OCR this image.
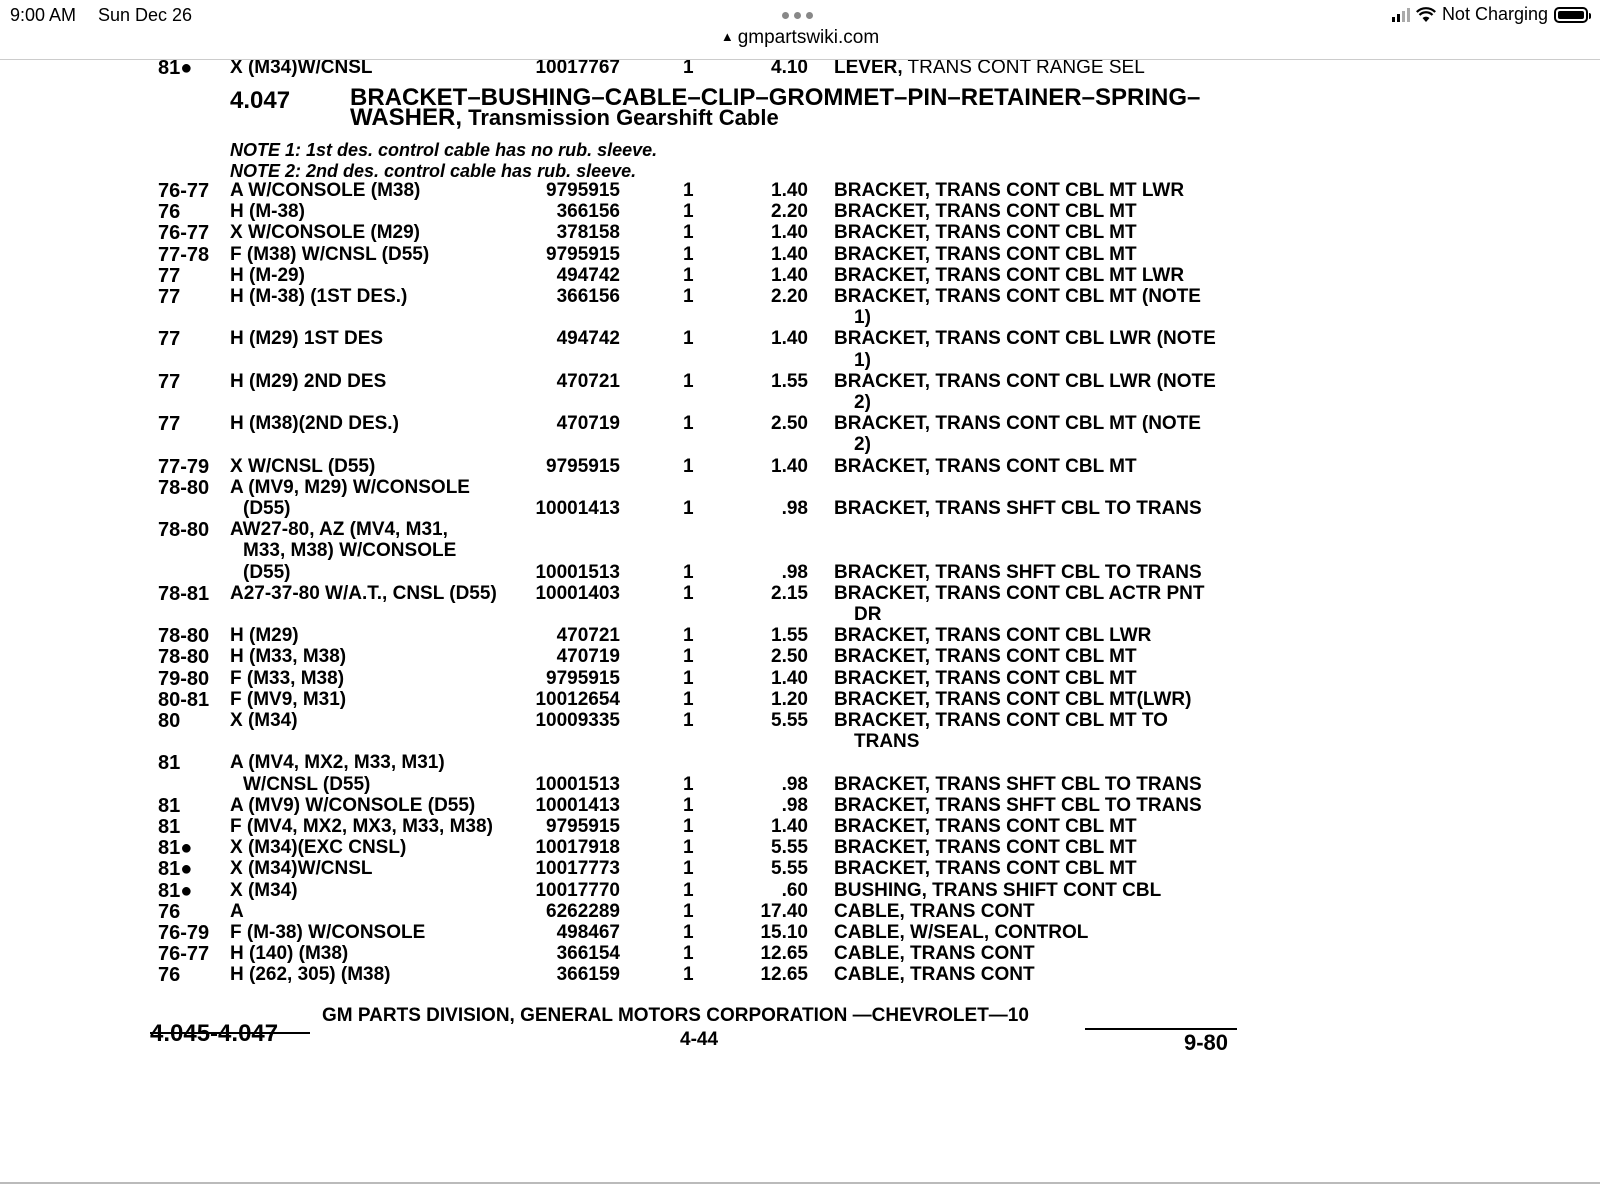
9:00 AM Sun Dec 26	Not Charging
▲ gmpartswiki.com
81● X (M34)W/CNSL	10017767	1	4.10 LEVER, TRANS CONT RANGE SEL
4.047 BRACKET–BUSHING–CABLE–CLIP–GROMMET–PIN–RETAINER–SPRING–
WASHER, Transmission Gearshift Cable
NOTE 1: 1st des. control cable has no rub. sleeve.
NOTE 2: 2nd des. control cable has rub. sleeve.
76-77 A W/CONSOLE (M38)	9795915	1	1.40 BRACKET, TRANS CONT CBL MT LWR
76	H (M-38)	366156	1	2.20 BRACKET, TRANS CONT CBL MT
76-77 X W/CONSOLE (M29)	378158	1	1.40 BRACKET, TRANS CONT CBL MT
77-78 F (M38) W/CNSL (D55)	9795915	1	1.40 BRACKET, TRANS CONT CBL MT
77	H (M-29)	494742	1	1.40 BRACKET, TRANS CONT CBL MT LWR
77	H (M-38) (1ST DES.)	366156	1	2.20 BRACKET, TRANS CONT CBL MT (NOTE
1)
77	H (M29) 1ST DES	494742	1	1.40 BRACKET, TRANS CONT CBL LWR (NOTE
1)
77	H (M29) 2ND DES	470721	1	1.55 BRACKET, TRANS CONT CBL LWR (NOTE
2)
77	H (M38)(2ND DES.)	470719	1	2.50 BRACKET, TRANS CONT CBL MT (NOTE
2)
77-79 X W/CNSL (D55)	9795915	1	1.40 BRACKET, TRANS CONT CBL MT
78-80 A (MV9, M29) W/CONSOLE
(D55)	10001413	1	.98 BRACKET, TRANS SHFT CBL TO TRANS
78-80 AW27-80, AZ (MV4, M31,
M33, M38) W/CONSOLE
(D55)	10001513	1	.98 BRACKET, TRANS SHFT CBL TO TRANS
78-81 A27-37-80 W/A.T., CNSL (D55) 10001403	1	2.15 BRACKET, TRANS CONT CBL ACTR PNT
DR
78-80 H (M29)	470721	1	1.55 BRACKET, TRANS CONT CBL LWR
78-80 H (M33, M38)	470719	1	2.50 BRACKET, TRANS CONT CBL MT
79-80 F (M33, M38)	9795915	1	1.40 BRACKET, TRANS CONT CBL MT
80-81 F (MV9, M31)	10012654	1	1.20 BRACKET, TRANS CONT CBL MT(LWR)
80	X (M34)	10009335	1	5.55 BRACKET, TRANS CONT CBL MT TO
TRANS
81	A (MV4, MX2, M33, M31)
W/CNSL (D55)	10001513	1	.98 BRACKET, TRANS SHFT CBL TO TRANS
81	A (MV9) W/CONSOLE (D55)	10001413	1	.98 BRACKET, TRANS SHFT CBL TO TRANS
81	F (MV4, MX2, MX3, M33, M38)	9795915	1	1.40 BRACKET, TRANS CONT CBL MT
81● X (M34)(EXC CNSL)	10017918	1	5.55 BRACKET, TRANS CONT CBL MT
81● X (M34)W/CNSL	10017773	1	5.55 BRACKET, TRANS CONT CBL MT
81● X (M34)	10017770	1	.60 BUSHING, TRANS SHIFT CONT CBL
76	A	6262289	1	17.40 CABLE, TRANS CONT
76-79 F (M-38) W/CONSOLE	498467	1	15.10 CABLE, W/SEAL, CONTROL
76-77 H (140) (M38)	366154	1	12.65 CABLE, TRANS CONT
76	H (262, 305) (M38)	366159	1	12.65 CABLE, TRANS CONT
GM PARTS DIVISION, GENERAL MOTORS CORPORATION —CHEVROLET—10
4.045-4.047	4-44	9-80
